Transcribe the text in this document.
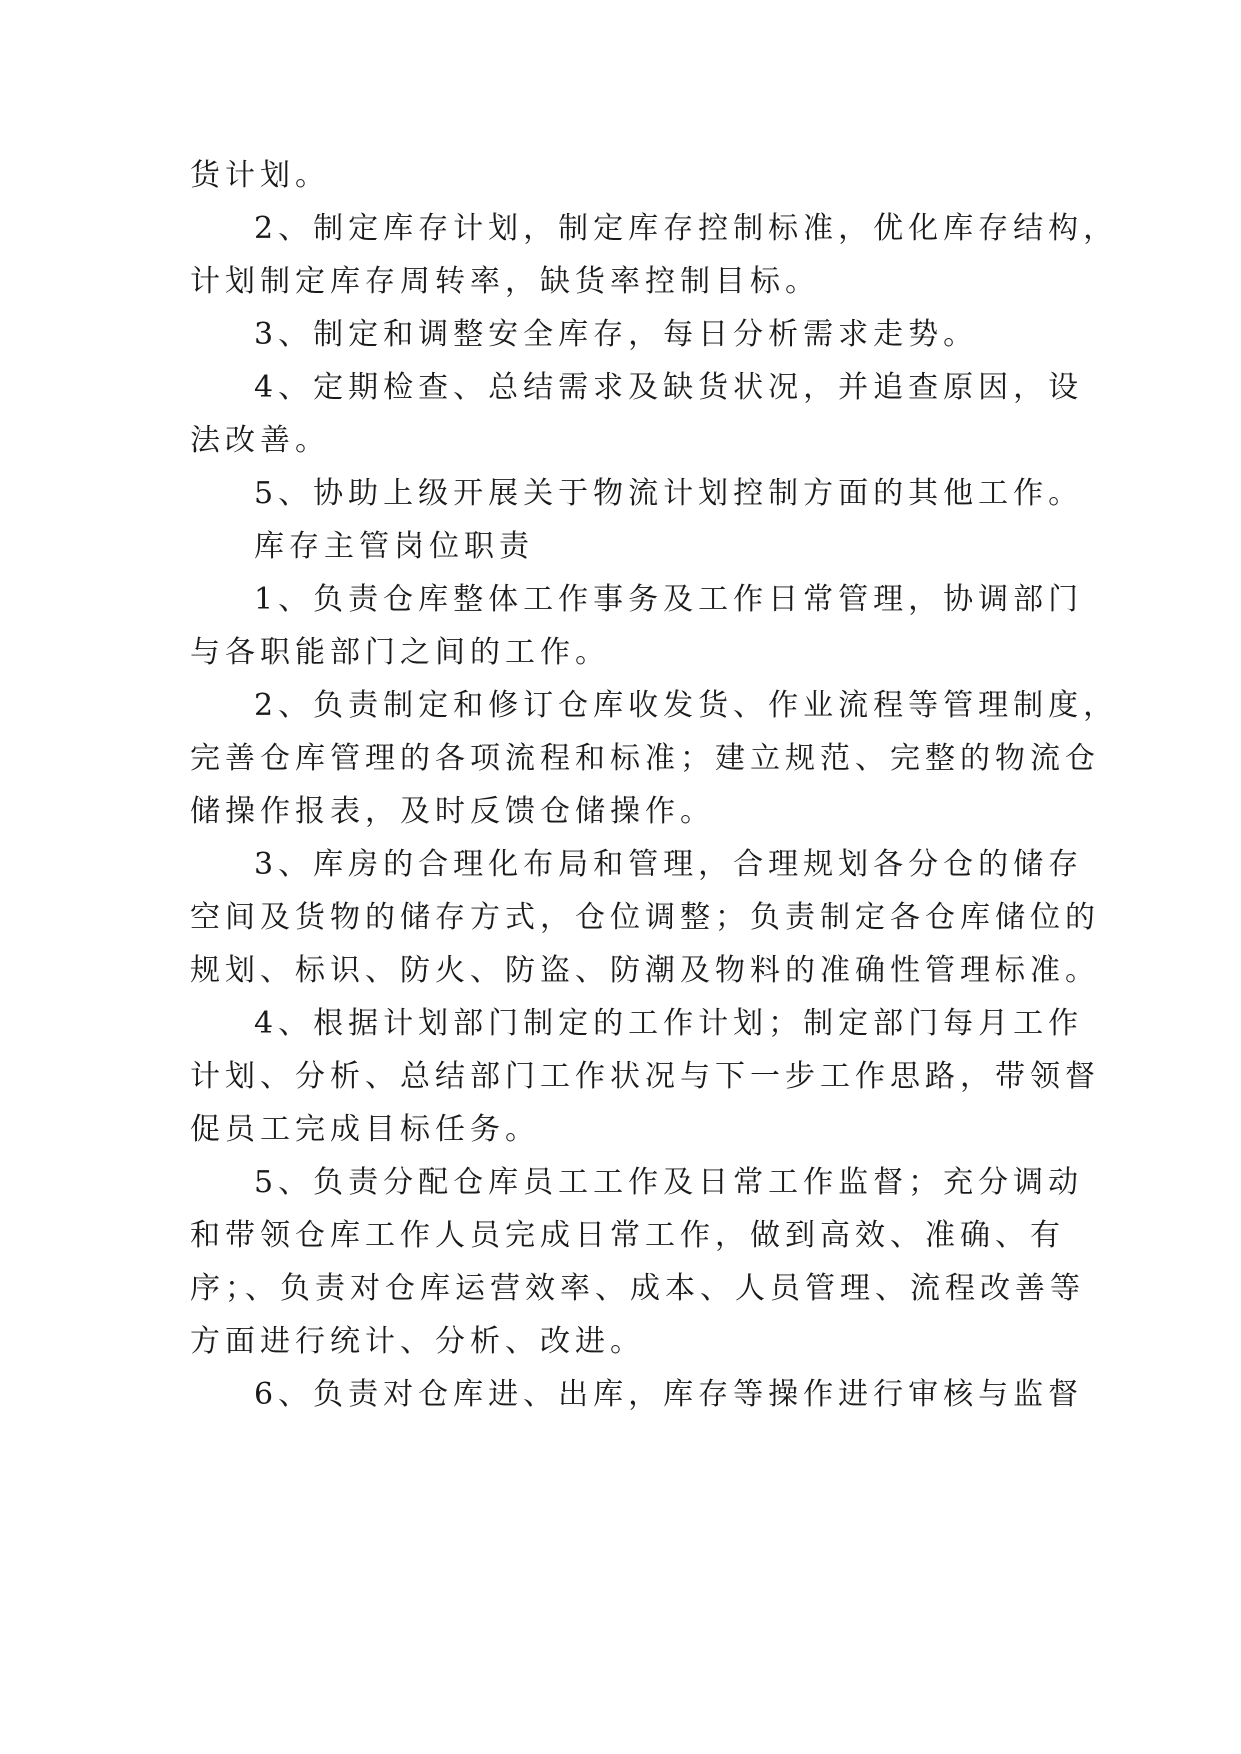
货计划。
2、制定库存计划，制定库存控制标准，优化库存结构，
计划制定库存周转率，缺货率控制目标。
3、制定和调整安全库存，每日分析需求走势。
4、定期检查、总结需求及缺货状况，并追查原因，设
法改善。
5、协助上级开展关于物流计划控制方面的其他工作。
库存主管岗位职责
1、负责仓库整体工作事务及工作日常管理，协调部门
与各职能部门之间的工作。
2、负责制定和修订仓库收发货、作业流程等管理制度，
完善仓库管理的各项流程和标准；建立规范、完整的物流仓
储操作报表，及时反馈仓储操作。
3、库房的合理化布局和管理，合理规划各分仓的储存
空间及货物的储存方式，仓位调整；负责制定各仓库储位的
规划、标识、防火、防盗、防潮及物料的准确性管理标准。
4、根据计划部门制定的工作计划；制定部门每月工作
计划、分析、总结部门工作状况与下一步工作思路，带领督
促员工完成目标任务。
5、负责分配仓库员工工作及日常工作监督；充分调动
和带领仓库工作人员完成日常工作，做到高效、准确、有
序；、负责对仓库运营效率、成本、人员管理、流程改善等
方面进行统计、分析、改进。
6、负责对仓库进、出库，库存等操作进行审核与监督
